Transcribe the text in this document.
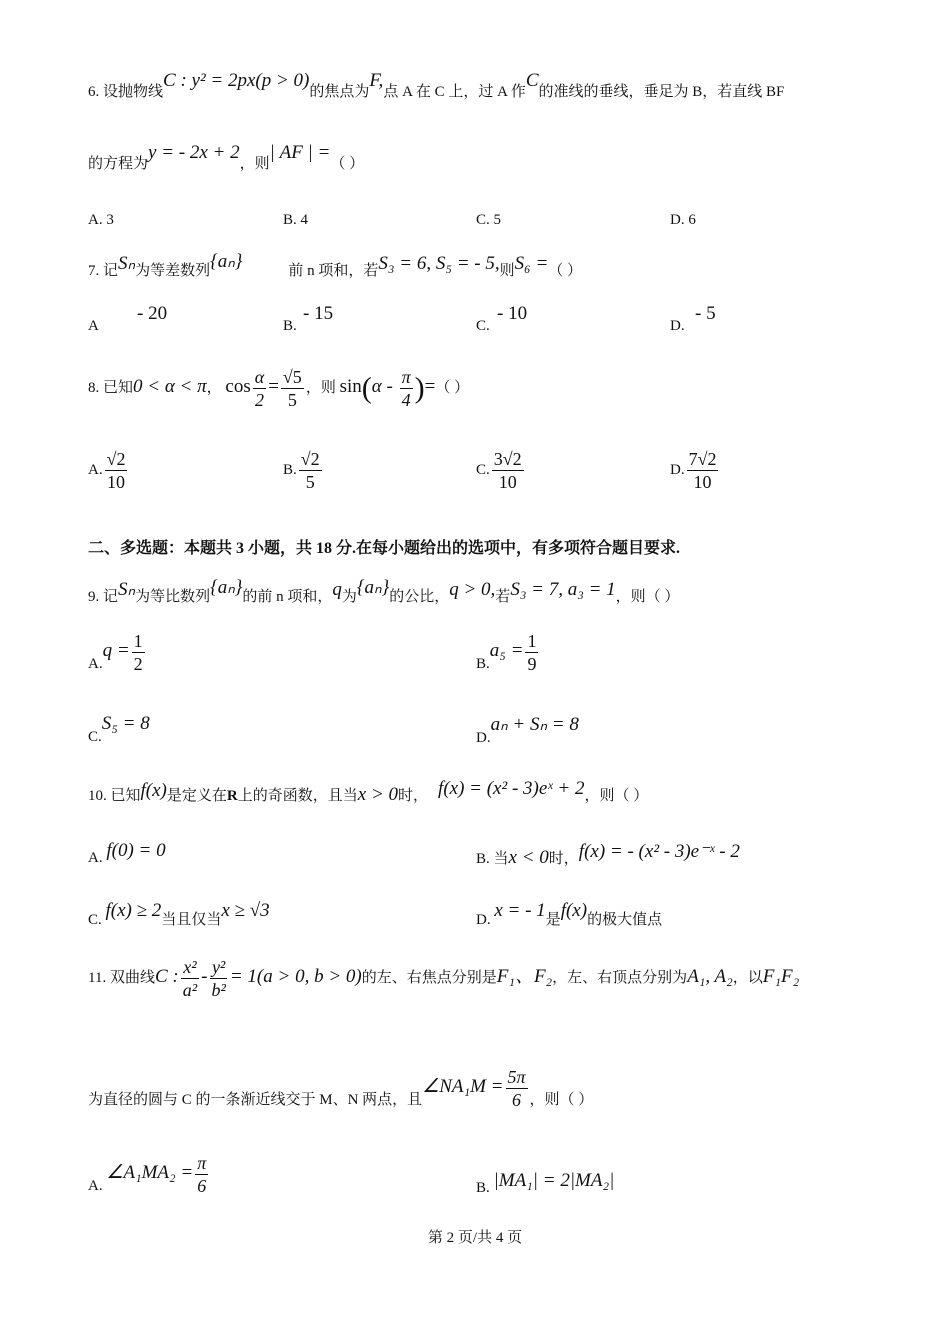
6. 设抛物线C : y² = 2px(p > 0)的焦点为F,点 A 在 C 上，过 A 作C的准线的垂线，垂足为 B，若直线 BF
的方程为y = - 2x + 2，则| AF | =（ ）
A. 3	B. 4	C. 5	D. 6
7. 记Sₙ为等差数列{aₙ}	前 n 项和，若S₃ = 6, S₅ = - 5,则S₆ =（ ）
A
- 20
B.
- 15
C.
- 10
D.
- 5
8. 已知0 < α < π， $\cos \frac{\alpha}{2} = \frac{√5}{5}$ ，则 $\sin(\alpha - \frac{\pi}{4}$ )=（ ）
A. $\frac{√2}{10}$	B. $\frac{√2}{5}$	C. $\frac{3√2}{10}$	D. $\frac{7√2}{10}$
二、多选题：本题共 3 小题，共 18 分.在每小题给出的选项中，有多项符合题目要求.
9. 记Sₙ为等比数列{aₙ}的前 n 项和，q为{aₙ}的公比，q > 0,若S₃ = 7, a₃ = 1，则（ ）
$A.q = \frac{1}{2}$	$B.a_5 = \frac{1}{9}$
C.S₅ = 8
D.aₙ + Sₙ = 8
10. 已知f(x)是定义在R上的奇函数，且当x > 0时， f(x) = (x² - 3)eˣ + 2，则（ ）
A. f(0) = 0	B. 当x < 0时，f(x) = - (x² - 3)e⁻ˣ - 2
C. f(x) ≥ 2当且仅当x ≥ √3	D. x = - 1是f(x)的极大值点
11. 双曲线C : $\frac{\text{x²}}{\text{a²}} - \frac{\text{y²}}{\text{b²}} = 1(a > 0$, b > 0)的左、右焦点分别是F₁、F₂，左、右顶点分别为A₁, A₂，以F₁F₂
为直径的圆与 C 的一条渐近线交于 M、N 两点，且∠NA₁M = $\frac{5\pi}{6}$ ，则（ ）
A. ∠A₁MA₂ = $\frac{\pi}{6}$	B. |MA₁| = 2|MA₂|
第 2 页/共 4 页
